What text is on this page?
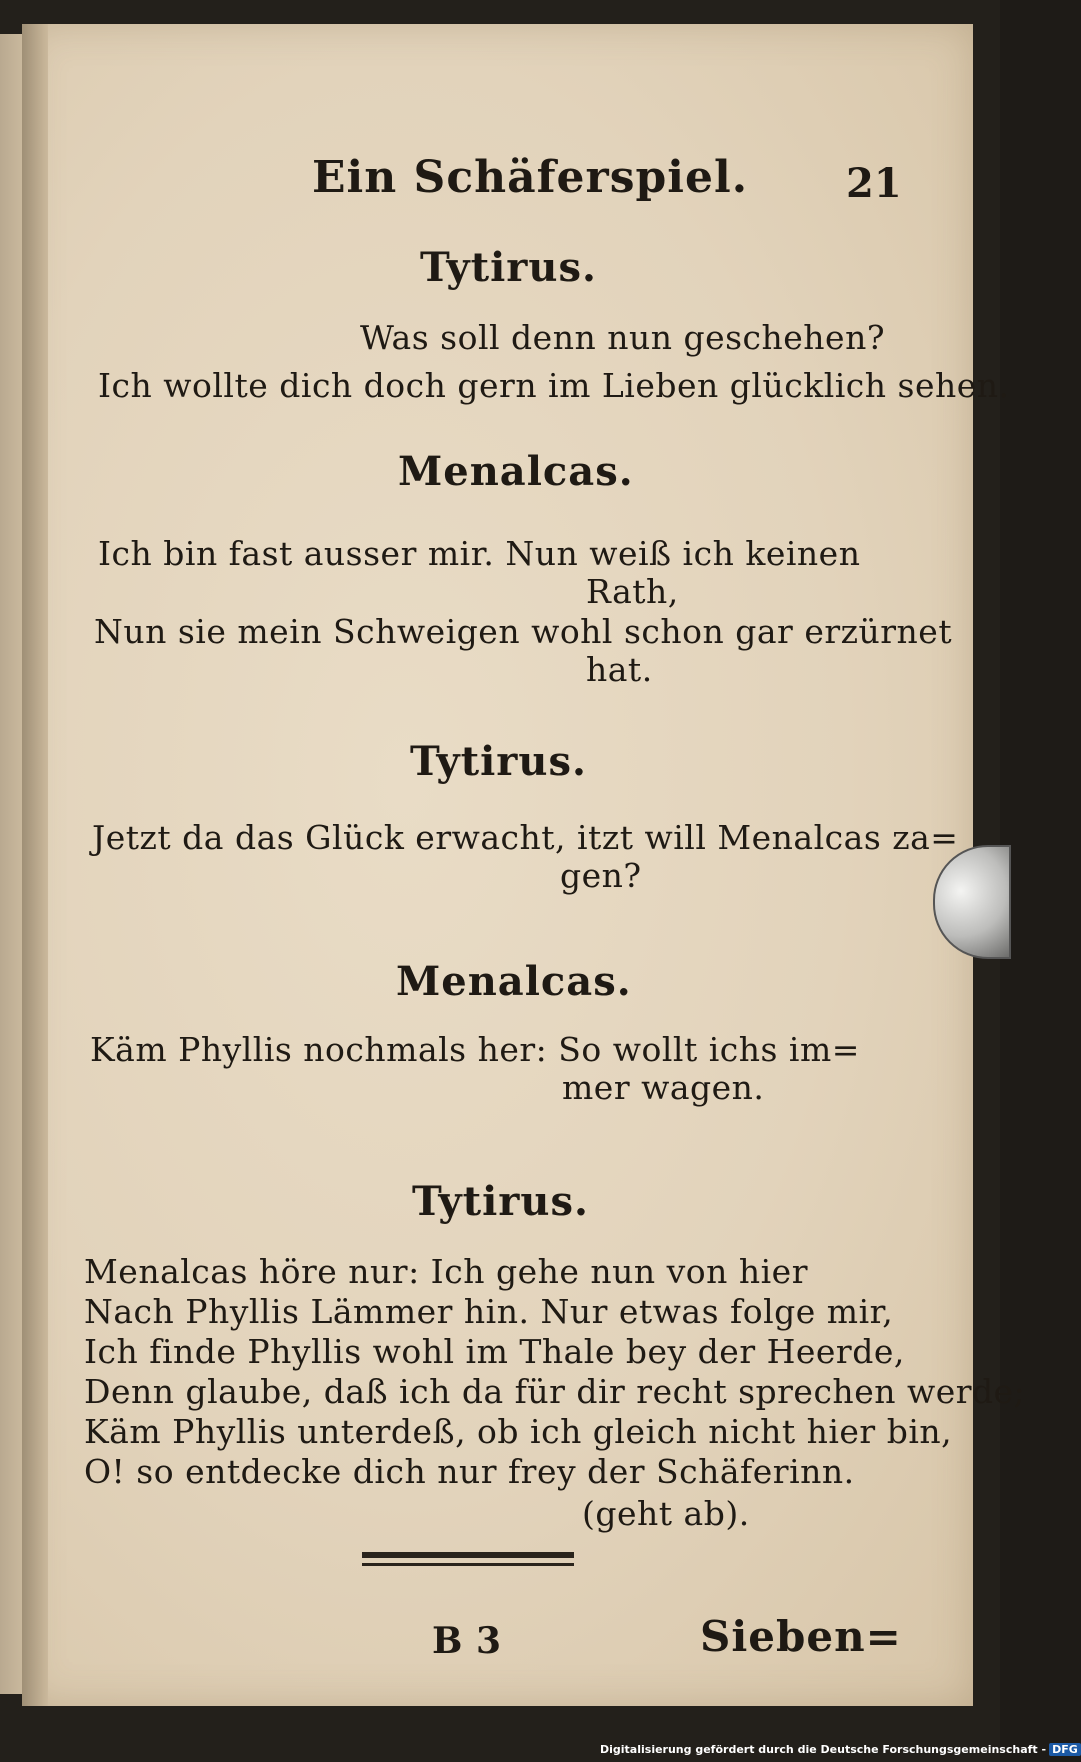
Ein Schäferspiel. 21
Tytirus.
Was soll denn nun geschehen?
Ich wollte dich doch gern im Lieben glücklich sehen.
Menalcas.
Ich bin fast ausser mir. Nun weiß ich keinen
Rath,
Nun sie mein Schweigen wohl schon gar erzürnet
hat.
Tytirus.
Jetzt da das Glück erwacht, itzt will Menalcas za=
gen?
Menalcas.
Käm Phyllis nochmals her: So wollt ichs im=
mer wagen.
Tytirus.
Menalcas höre nur: Ich gehe nun von hier
Nach Phyllis Lämmer hin. Nur etwas folge mir,
Ich finde Phyllis wohl im Thale bey der Heerde,
Denn glaube, daß ich da für dir recht sprechen werde;
Käm Phyllis unterdeß, ob ich gleich nicht hier bin,
O! so entdecke dich nur frey der Schäferinn.
(geht ab).
B 3	Sieben=
Digitalisierung gefördert durch die Deutsche Forschungsgemeinschaft - DFG
